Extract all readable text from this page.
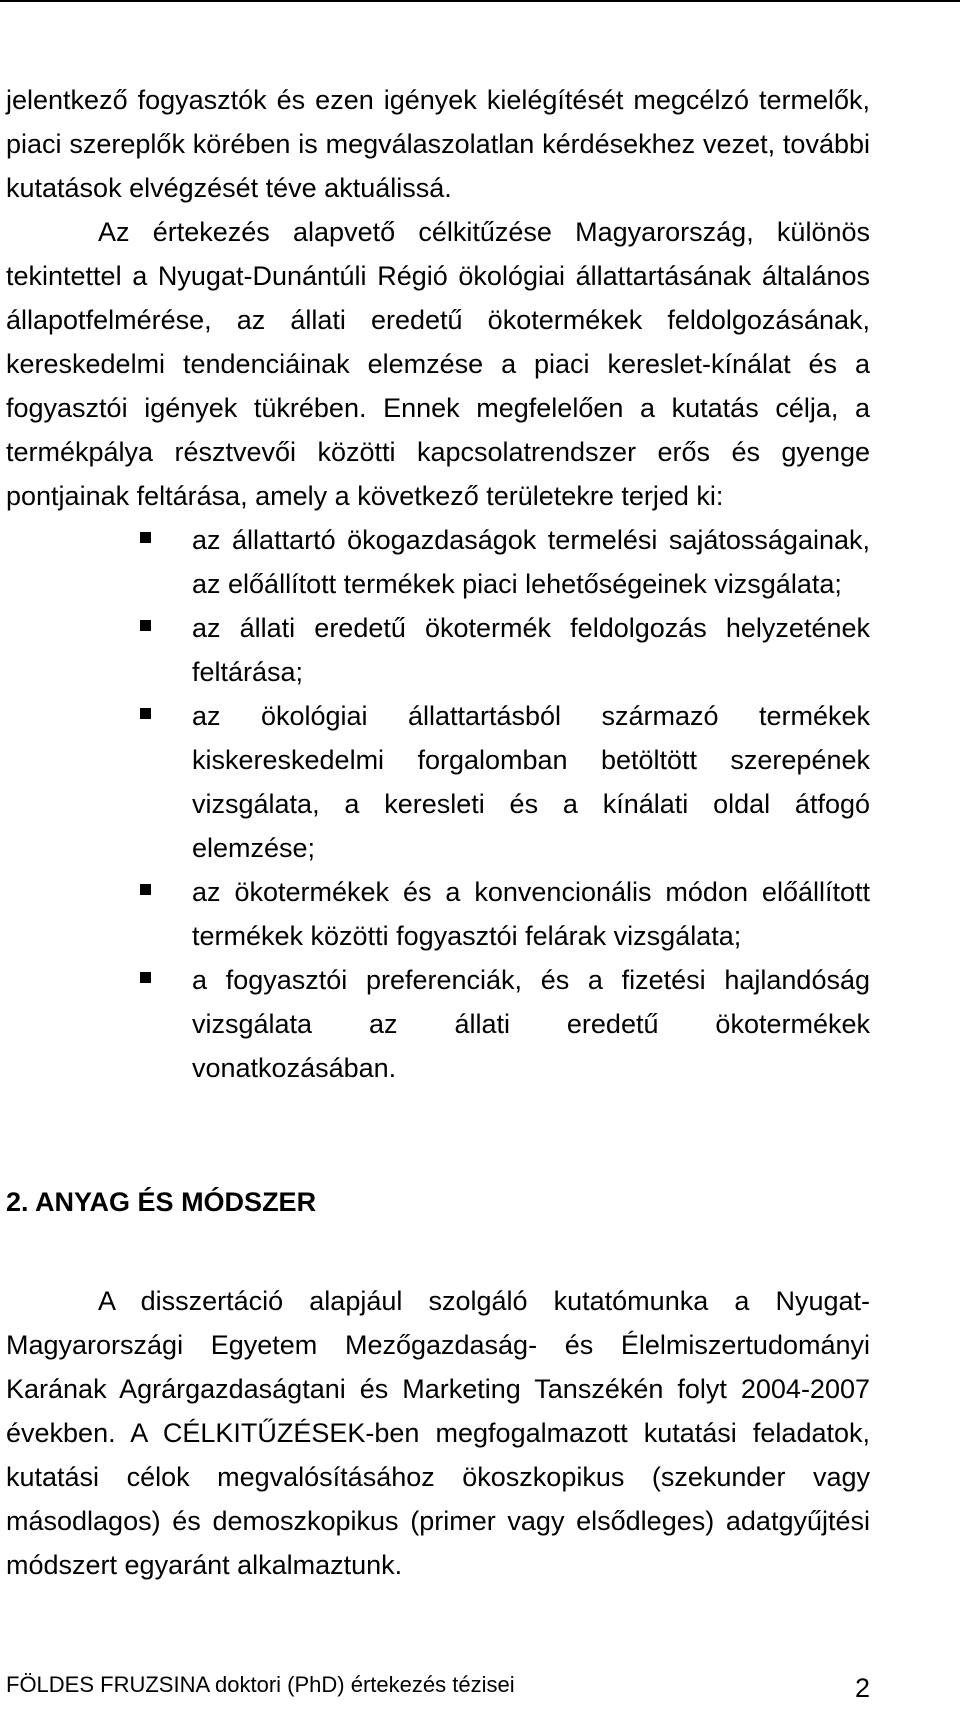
jelentkező fogyasztók és ezen igények kielégítését megcélzó termelők, piaci szereplők körében is megválaszolatlan kérdésekhez vezet, további kutatások elvégzését téve aktuálissá.

Az értekezés alapvető célkitűzése Magyarország, különös tekintettel a Nyugat-Dunántúli Régió ökológiai állattartásának általános állapotfelmérése, az állati eredetű ökotermékek feldolgozásának, kereskedelmi tendenciáinak elemzése a piaci kereslet-kínálat és a fogyasztói igények tükrében. Ennek megfelelően a kutatás célja, a termékpálya résztvevői közötti kapcsolatrendszer erős és gyenge pontjainak feltárása, amely a következő területekre terjed ki:

az állattartó ökogazdaságok termelési sajátosságainak, az előállított termékek piaci lehetőségeinek vizsgálata;
az állati eredetű ökotermék feldolgozás helyzetének feltárása;
az ökológiai állattartásból származó termékek kiskereskedelmi forgalomban betöltött szerepének vizsgálata, a keresleti és a kínálati oldal átfogó elemzése;
az ökotermékek és a konvencionális módon előállított termékek közötti fogyasztói felárak vizsgálata;
a fogyasztói preferenciák, és a fizetési hajlandóság vizsgálata az állati eredetű ökotermékek vonatkozásában.
2. ANYAG ÉS MÓDSZER

A disszertáció alapjául szolgáló kutatómunka a Nyugat-Magyarországi Egyetem Mezőgazdaság- és Élelmiszertudományi Karának Agrárgazdaságtani és Marketing Tanszékén folyt 2004-2007 években. A CÉLKITŰZÉSEK-ben megfogalmazott kutatási feladatok, kutatási célok megvalósításához ökoszkopikus (szekunder vagy másodlagos) és demoszkopikus (primer vagy elsődleges) adatgyűjtési módszert egyaránt alkalmaztunk.

FÖLDES FRUZSINA doktori (PhD) értekezés tézisei	2
